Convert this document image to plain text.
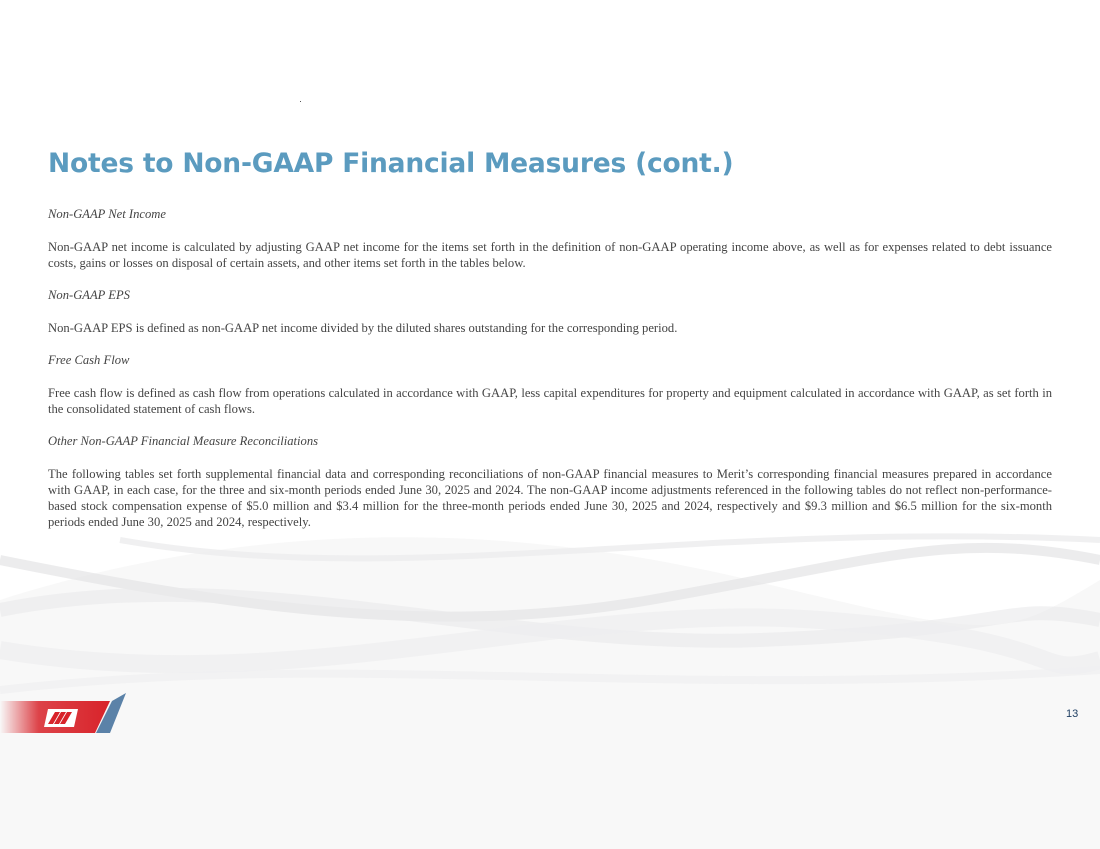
Notes to Non-GAAP Financial Measures (cont.)
Non-GAAP Net Income
Non-GAAP net income is calculated by adjusting GAAP net income for the items set forth in the definition of non-GAAP operating income above, as well as for expenses related to debt issuance costs, gains or losses on disposal of certain assets, and other items set forth in the tables below.
Non-GAAP EPS
Non-GAAP EPS is defined as non-GAAP net income divided by the diluted shares outstanding for the corresponding period.
Free Cash Flow
Free cash flow is defined as cash flow from operations calculated in accordance with GAAP, less capital expenditures for property and equipment calculated in accordance with GAAP, as set forth in the consolidated statement of cash flows.
Other Non-GAAP Financial Measure Reconciliations
The following tables set forth supplemental financial data and corresponding reconciliations of non-GAAP financial measures to Merit’s corresponding financial measures prepared in accordance with GAAP, in each case, for the three and six-month periods ended June 30, 2025 and 2024. The non-GAAP income adjustments referenced in the following tables do not reflect non-performance-based stock compensation expense of $5.0 million and $3.4 million for the three-month periods ended June 30, 2025 and 2024, respectively and $9.3 million and $6.5 million for the six-month periods ended June 30, 2025 and 2024, respectively.
13
